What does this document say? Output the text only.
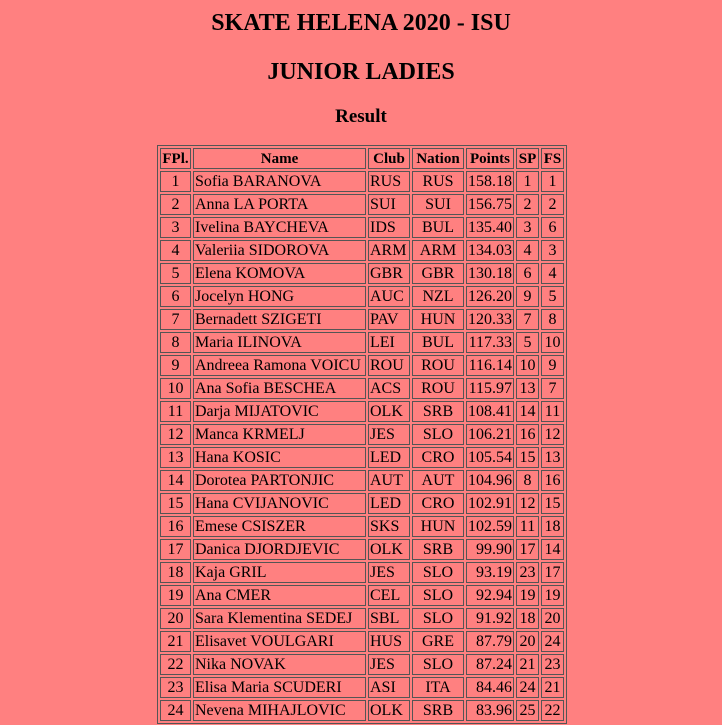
SKATE HELENA 2020 - ISU
JUNIOR LADIES
Result
FPl.	Name	Club	Nation	Points	SP	FS
1	Sofia BARANOVA	RUS	RUS	158.18	1	1
2	Anna LA PORTA	SUI	SUI	156.75	2	2
3	Ivelina BAYCHEVA	IDS	BUL	135.40	3	6
4	Valeriia SIDOROVA	ARM	ARM	134.03	4	3
5	Elena KOMOVA	GBR	GBR	130.18	6	4
6	Jocelyn HONG	AUC	NZL	126.20	9	5
7	Bernadett SZIGETI	PAV	HUN	120.33	7	8
8	Maria ILINOVA	LEI	BUL	117.33	5	10
9	Andreea Ramona VOICU	ROU	ROU	116.14	10	9
10	Ana Sofia BESCHEA	ACS	ROU	115.97	13	7
11	Darja MIJATOVIC	OLK	SRB	108.41	14	11
12	Manca KRMELJ	JES	SLO	106.21	16	12
13	Hana KOSIC	LED	CRO	105.54	15	13
14	Dorotea PARTONJIC	AUT	AUT	104.96	8	16
15	Hana CVIJANOVIC	LED	CRO	102.91	12	15
16	Emese CSISZER	SKS	HUN	102.59	11	18
17	Danica DJORDJEVIC	OLK	SRB	99.90	17	14
18	Kaja GRIL	JES	SLO	93.19	23	17
19	Ana CMER	CEL	SLO	92.94	19	19
20	Sara Klementina SEDEJ	SBL	SLO	91.92	18	20
21	Elisavet VOULGARI	HUS	GRE	87.79	20	24
22	Nika NOVAK	JES	SLO	87.24	21	23
23	Elisa Maria SCUDERI	ASI	ITA	84.46	24	21
24	Nevena MIHAJLOVIC	OLK	SRB	83.96	25	22
